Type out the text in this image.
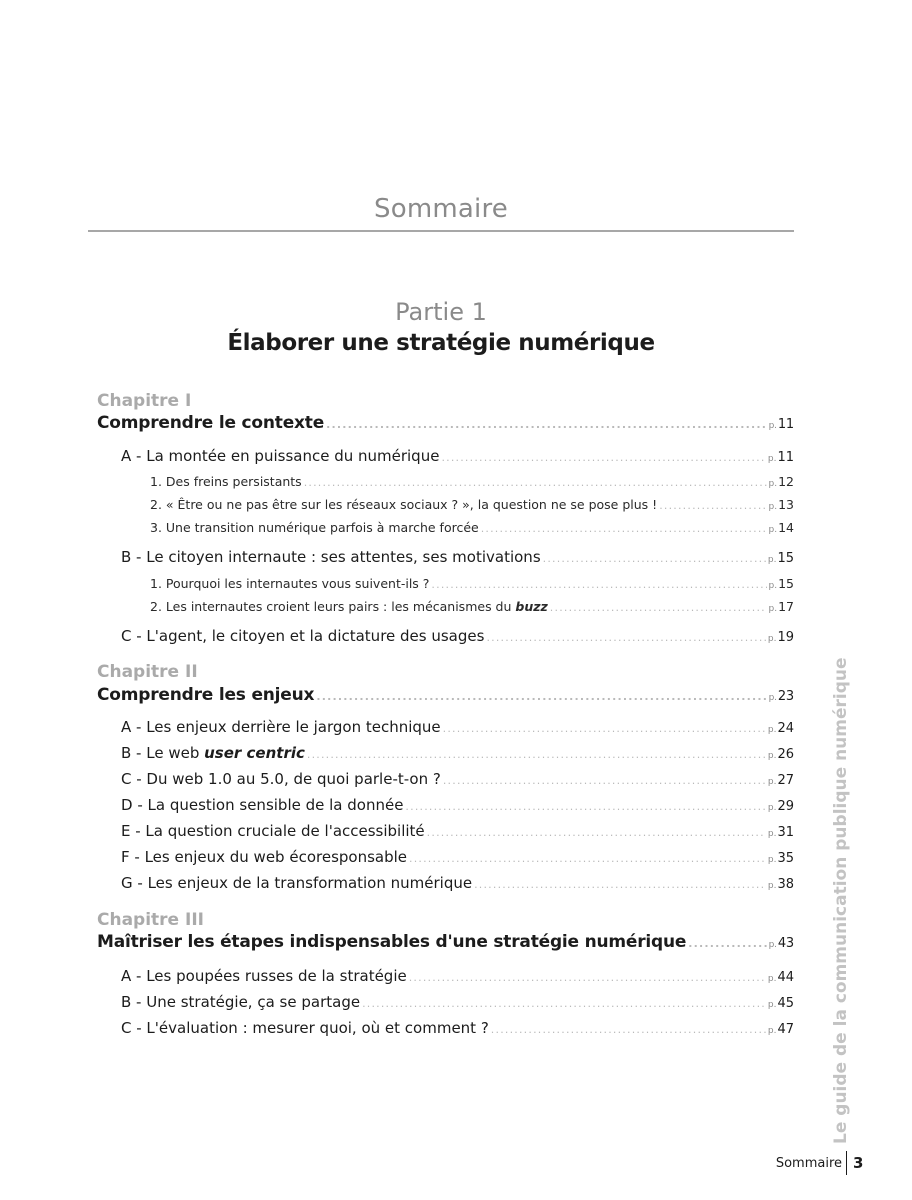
Sommaire
Partie 1
Élaborer une stratégie numérique
Chapitre I
Comprendre le contexte .....	p.11
A - La montée en puissance du numérique .....	p.11
1. Des freins persistants .....	p.12
2. « Être ou ne pas être sur les réseaux sociaux ? », la question ne se pose plus ! .....	p.13
3. Une transition numérique parfois à marche forcée .....	p.14
B - Le citoyen internaute : ses attentes, ses motivations .....	p.15
1. Pourquoi les internautes vous suivent-ils ? .....	p.15
2. Les internautes croient leurs pairs : les mécanismes du buzz .....	p.17
C - L'agent, le citoyen et la dictature des usages .....	p.19
Chapitre II
Comprendre les enjeux .....	p.23
A - Les enjeux derrière le jargon technique .....	p.24
B - Le web user centric .....	p.26
C - Du web 1.0 au 5.0, de quoi parle-t-on ? .....	p.27
D - La question sensible de la donnée .....	p.29
E - La question cruciale de l'accessibilité .....	p.31
F - Les enjeux du web écoresponsable .....	p.35
G - Les enjeux de la transformation numérique .....	p.38
Chapitre III
Maîtriser les étapes indispensables d'une stratégie numérique .....	p.43
A - Les poupées russes de la stratégie .....	p.44
B - Une stratégie, ça se partage .....	p.45
C - L'évaluation : mesurer quoi, où et comment ? .....	p.47 Le guide de la communication publique numérique
Sommaire 3
